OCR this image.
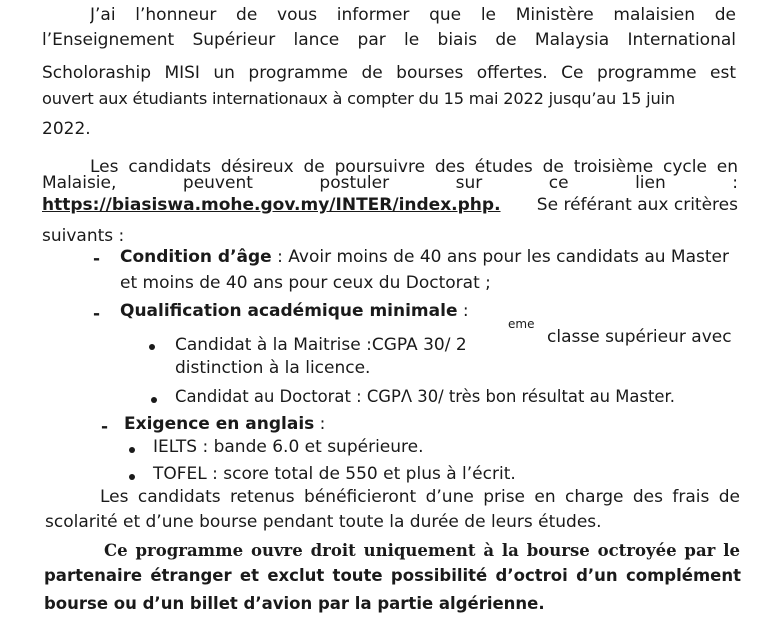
J’ai l’honneur de vous informer que le Ministère malaisien de
l’Enseignement Supérieur lance par le biais de Malaysia International
Scholoraship MISI un programme de bourses offertes. Ce programme est
ouvert aux étudiants internationaux à compter du 15 mai 2022 jusqu’au 15 juin
2022.
Les candidats désireux de poursuivre des études de troisième cycle en
Malaisie, peuvent postuler sur ce lien :
https://biasiswa.mohe.gov.my/INTER/index.php. Se référant aux critères
suivants :
- Condition d’âge : Avoir moins de 40 ans pour les candidats au Master
et moins de 40 ans pour ceux du Doctorat ;
- Qualification académique minimale :
Candidat à la Maitrise :CGPA 30/ 2
eme
classe supérieur avec
distinction à la licence.
Candidat au Doctorat : CGPΛ 30/ très bon résultat au Master.
- Exigence en anglais :
IELTS : bande 6.0 et supérieure.
TOFEL : score total de 550 et plus à l’écrit.
Les candidats retenus bénéficieront d’une prise en charge des frais de
scolarité et d’une bourse pendant toute la durée de leurs études.
Ce programme ouvre droit uniquement à la bourse octroyée par le
partenaire étranger et exclut toute possibilité d’octroi d’un complément
bourse ou d’un billet d’avion par la partie algérienne.
